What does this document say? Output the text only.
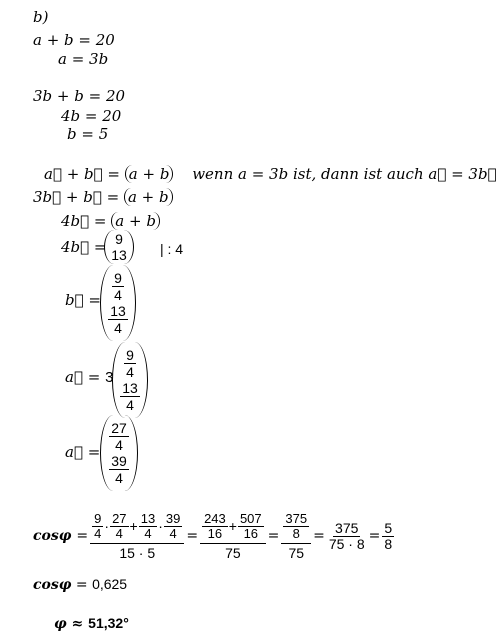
b)
a + b = 20
a = 3b
3b + b = 20
4b = 20
b = 5
a⃗ + b⃗ = a + b wenn a = 3b ist, dann ist auch a⃗ = 3b⃗
3b⃗ + b⃗ = a + b
4b⃗ = a + b
4b⃗ = 9
13 | : 4
b⃗ =
9
4
13
4
a⃗ = 3
9
4
13
4
a⃗ =
27
4
39
4
$\cos\varphi = \frac{\frac{9}{4} \cdot \frac{27}{4} + \frac{13}{4} \cdot \frac{39}{4}}{15 \cdot 5} = \frac{\frac{243}{16} + \frac{507}{16}}{75} = \frac{\frac{375}{8}}{75} = \frac{375}{75 \cdot 8} = \frac{5}{8}$
cosφ = 0,625
φ ≈ 51,32°
